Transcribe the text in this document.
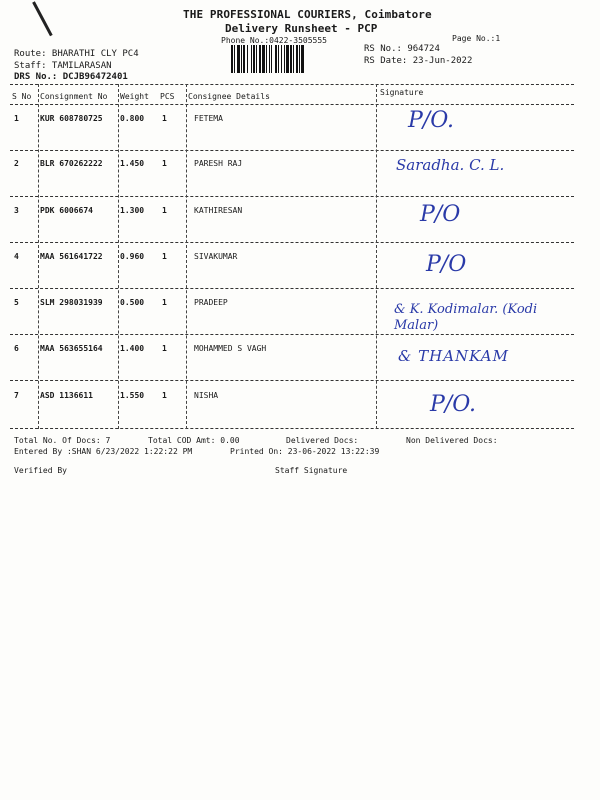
THE PROFESSIONAL COURIERS, Coimbatore
Delivery Runsheet - PCP
Phone No.:0422-3505555	Page No.:1
Route: BHARATHI CLY PC4
Staff: TAMILARASAN
DRS No.: DCJB96472401
RS No.: 964724
RS Date: 23-Jun-2022
S No Consignment No Weight PCS Consignee Details	Signature
1	KUR 608780725 0.800 1	FETEMA	P/O.
2	BLR 670262222 1.450 1	PARESH RAJ	Saradha. C. L.
3	PDK 6006674	1.300 1	KATHIRESAN	P/O
4	MAA 561641722 0.960 1	SIVAKUMAR	P/O
5	SLM 298031939 0.500 1	PRADEEP	& K. Kodimalar. (Kodi Malar)
6	MAA 563655164 1.400 1	MOHAMMED S VAGH	& THANKAM
7	ASD 1136611	1.550 1	NISHA	P/O.
Total No. Of Docs: 7	Total COD Amt: 0.00	Delivered Docs:	Non Delivered Docs:
Entered By :SHAN 6/23/2022 1:22:22 PM	Printed On: 23-06-2022 13:22:39
Verified By	Staff Signature
